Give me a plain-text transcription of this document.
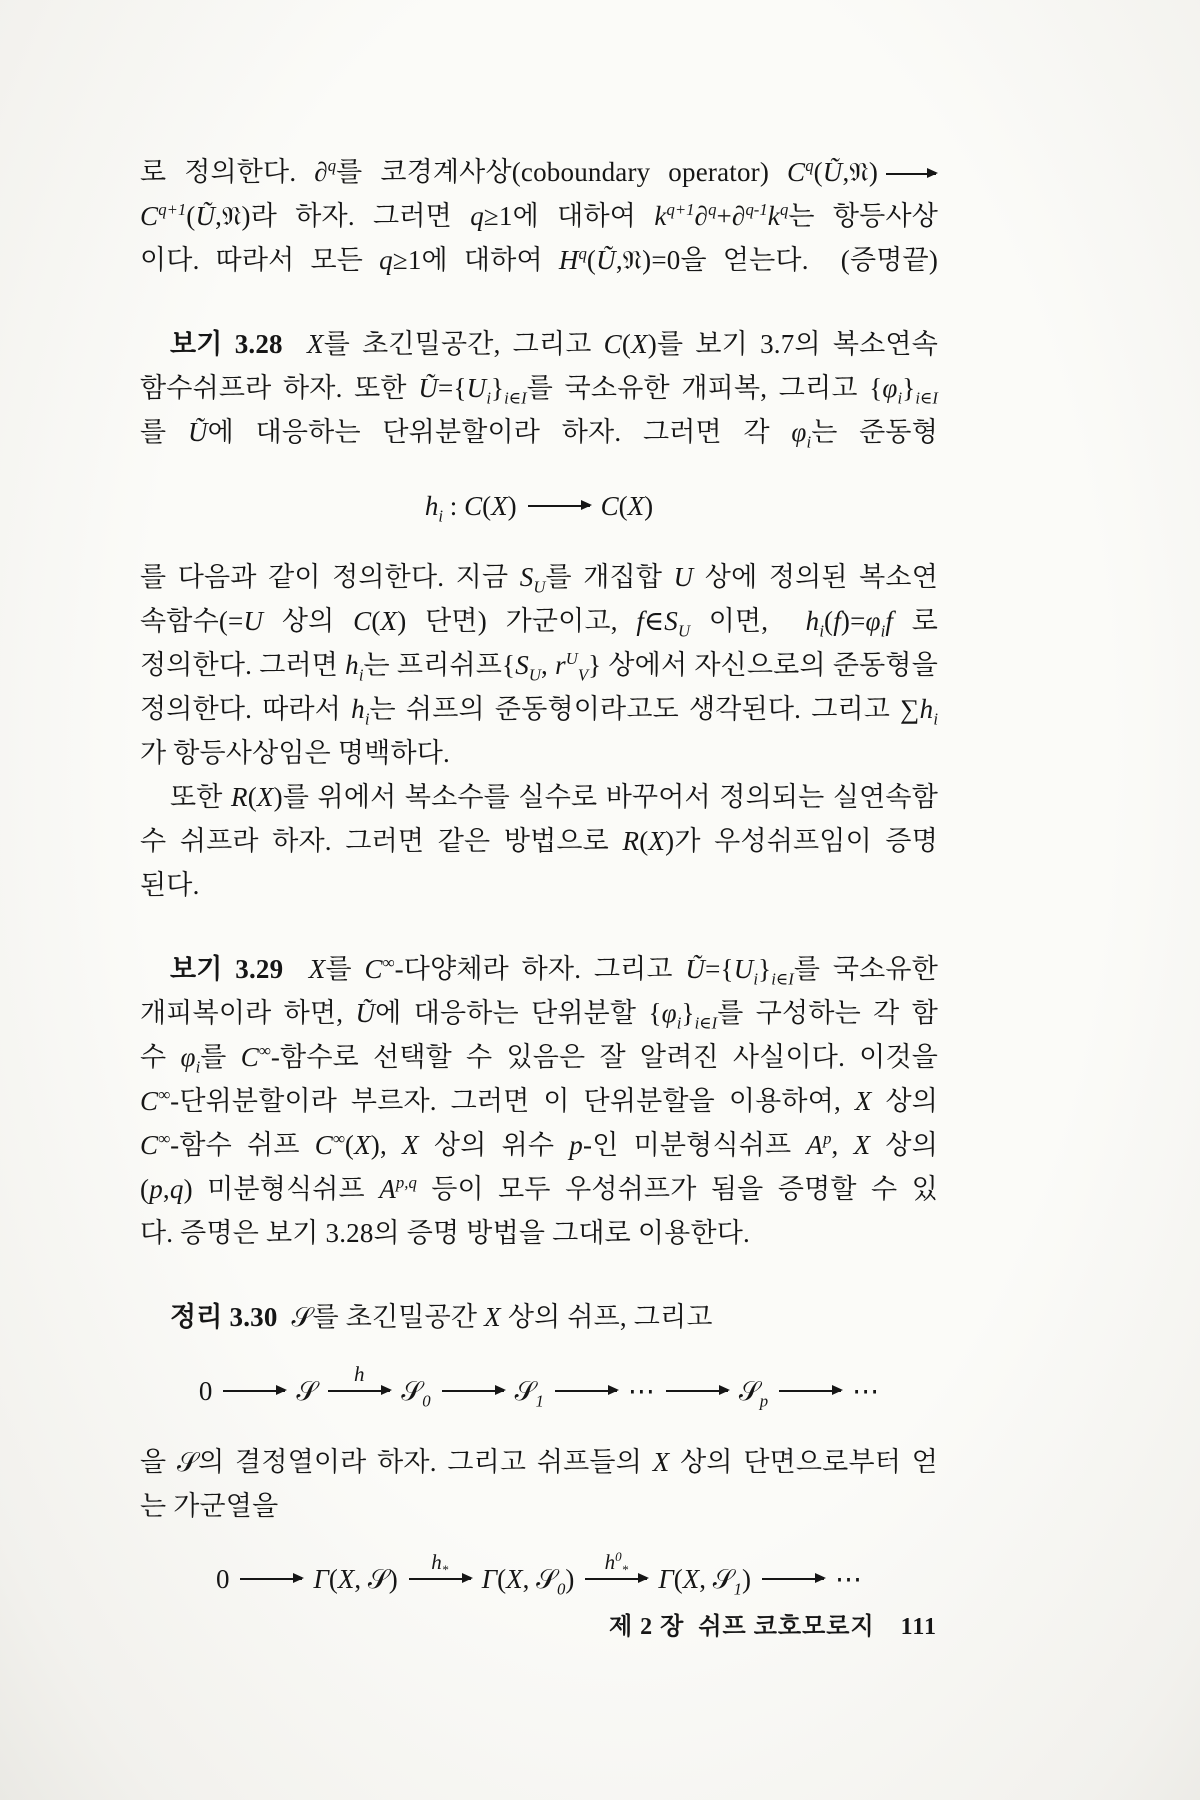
로 정의한다. ∂$^q$를 코경계사상(coboundary operator) $C^q(Ũ,𝔑)$
$C^{q+1}(Ũ,𝔑)$라 하자. 그러면 q≥1에 대하여 $k^{q+1}\partial^q+\partial^{q-1}k^q$는 항등사상
이다. 따라서 모든 q≥1에 대하여 $H^q(Ũ,𝔑)=0$을 얻는다.  (증명끝)
보기 3.28 X를 초긴밀공간, 그리고 C(X)를 보기 3.7의 복소연속
함수쉬프라 하자. 또한 $Ũ=\{U_i\}_{i\in I}$를 국소유한 개피복, 그리고 $\{\varphi_i\}_{i\in I}$
를 Ũ에 대응하는 단위분할이라 하자. 그러면 각 $\varphi_i$는 준동형
$h_i$ : C(X)	C(X)
를 다음과 같이 정의한다. 지금 $S_U$를 개집합 U 상에 정의된 복소연
속함수(=U 상의 C(X) 단면) 가군이고, $f\in S_U$ 이면,  $h_i(f)=\varphi_if$ 로
정의한다. 그러면 $h_i$는 프리쉬프{$S_U$, $r^U_V$} 상에서 자신으로의 준동형을
정의한다. 따라서 $h_i$는 쉬프의 준동형이라고도 생각된다. 그리고 $\sum h_i$
가 항등사상임은 명백하다.
또한 R(X)를 위에서 복소수를 실수로 바꾸어서 정의되는 실연속함
수 쉬프라 하자. 그러면 같은 방법으로 R(X)가 우성쉬프임이 증명
된다.
보기 3.29 X를 C∞-다양체라 하자. 그리고 $Ũ=\{U_i\}_{i\in I}$를 국소유한
개피복이라 하면, Ũ에 대응하는 단위분할 $\{\varphi_i\}_{i\in I}$를 구성하는 각 함
수 $\varphi_i$를 C∞-함수로 선택할 수 있음은 잘 알려진 사실이다. 이것을
C∞-단위분할이라 부르자. 그러면 이 단위분할을 이용하여, X 상의
C∞-함수 쉬프 C∞(X), X 상의 위수 p-인 미분형식쉬프 $A^p$, X 상의
(p,q) 미분형식쉬프 A$^{p,q}$ 등이 모두 우성쉬프가 됨을 증명할 수 있
다. 증명은 보기 3.28의 증명 방법을 그대로 이용한다.
정리 3.30  𝒮를 초긴밀공간 X 상의 쉬프, 그리고
0	𝒮
h
𝒮$_0$	𝒮$_1$	⋯	𝒮$_p$	⋯
을 𝒮의 결정열이라 하자. 그리고 쉬프들의 X 상의 단면으로부터 얻
는 가군열을
0	Γ(X, 𝒮)
$h_*$ Γ(X, 𝒮$_0$)
$h^0_*$ Γ(X, 𝒮$_1$)	⋯
제 2 장  쉬프 코호모로지 111
